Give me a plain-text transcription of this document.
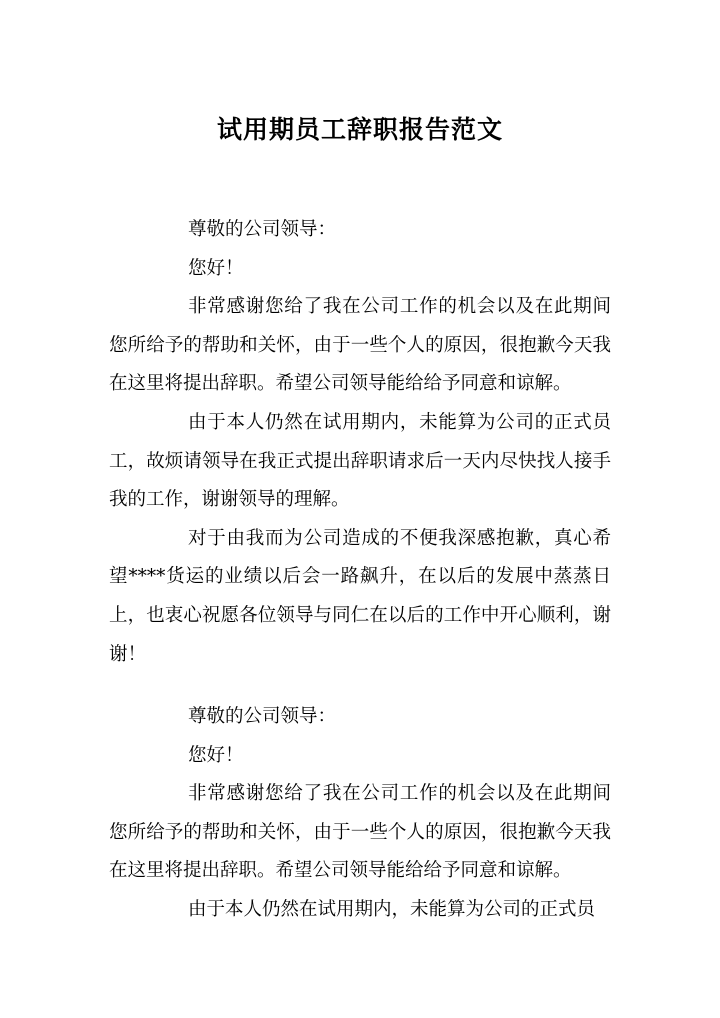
试用期员工辞职报告范文

尊敬的公司领导：

您好！

非常感谢您给了我在公司工作的机会以及在此期间您所给予的帮助和关怀，由于一些个人的原因，很抱歉今天我在这里将提出辞职。希望公司领导能给给予同意和谅解。

由于本人仍然在试用期内，未能算为公司的正式员工，故烦请领导在我正式提出辞职请求后一天内尽快找人接手我的工作，谢谢领导的理解。

对于由我而为公司造成的不便我深感抱歉，真心希望****货运的业绩以后会一路飙升，在以后的发展中蒸蒸日上，也衷心祝愿各位领导与同仁在以后的工作中开心顺利，谢谢！

尊敬的公司领导：

您好！

非常感谢您给了我在公司工作的机会以及在此期间您所给予的帮助和关怀，由于一些个人的原因，很抱歉今天我在这里将提出辞职。希望公司领导能给给予同意和谅解。

由于本人仍然在试用期内，未能算为公司的正式员
